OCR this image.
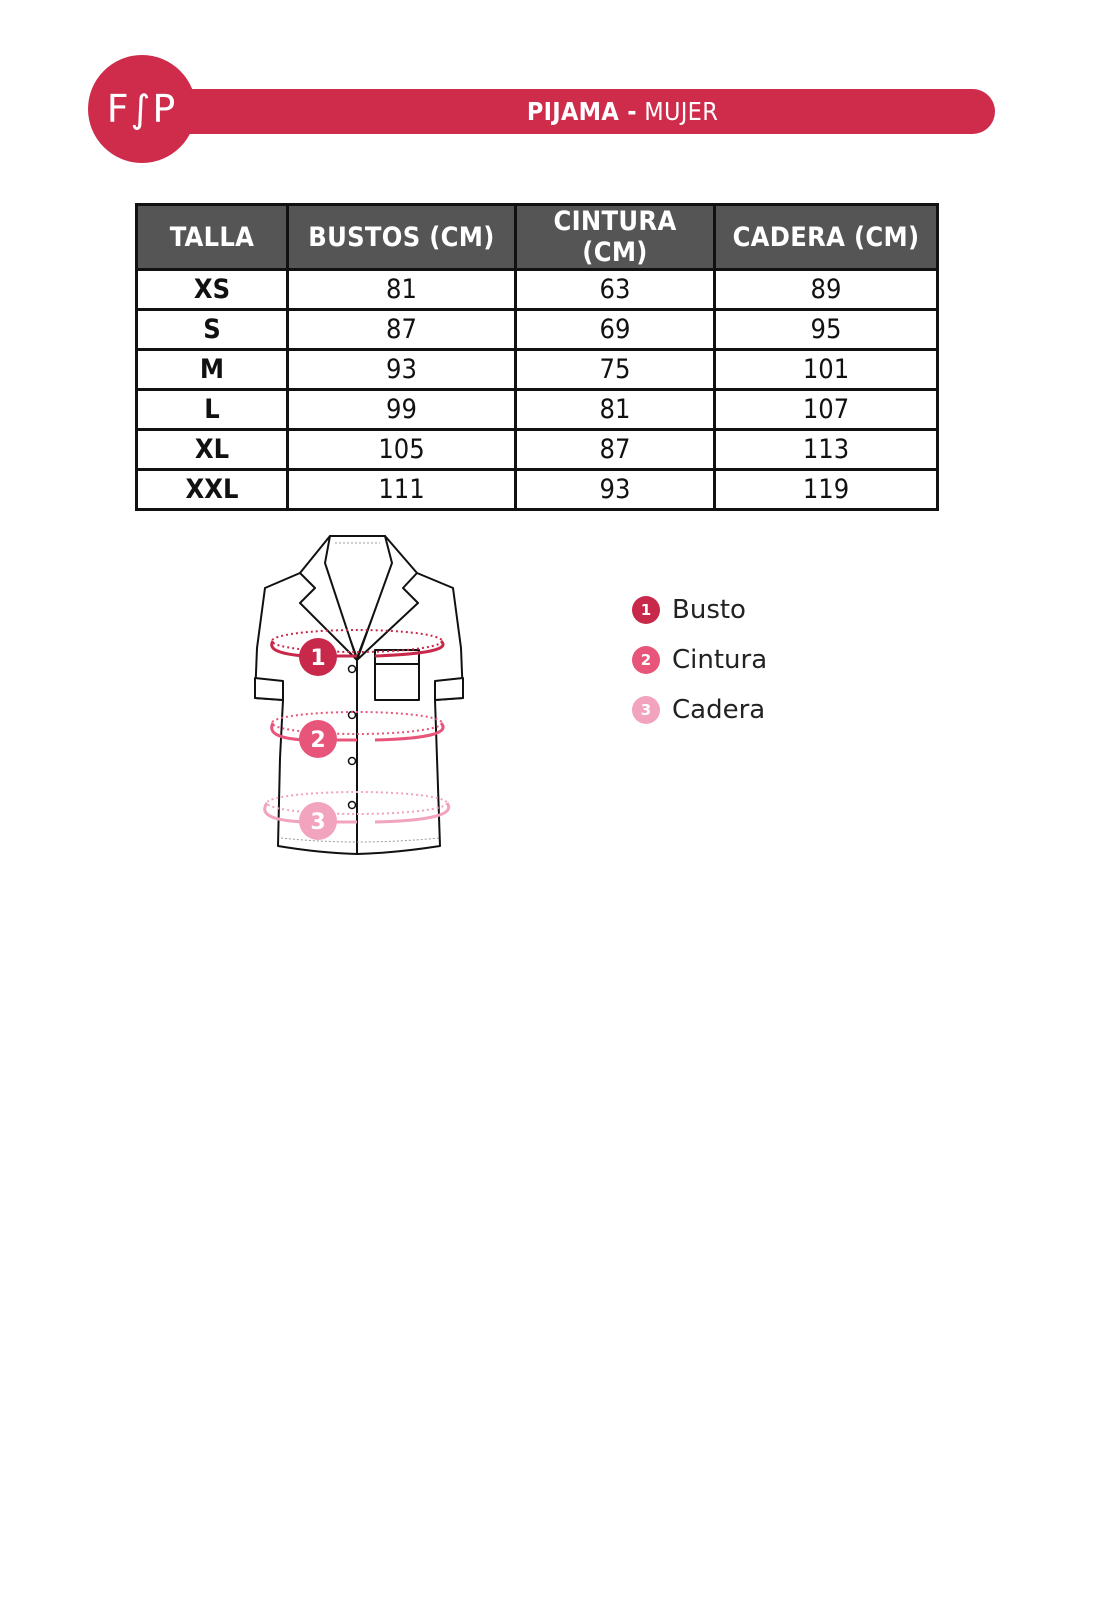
PIJAMA - MUJER
F∫P
TALLA	BUSTOS (CM)	CINTURA (CM)	CADERA (CM)
XS	81	63	89
S	87	69	95
M	93	75	101
L	99	81	107
XL	105	87	113
XXL	111	93	119
1
2
3
1 Busto
2 Cintura
3 Cadera
